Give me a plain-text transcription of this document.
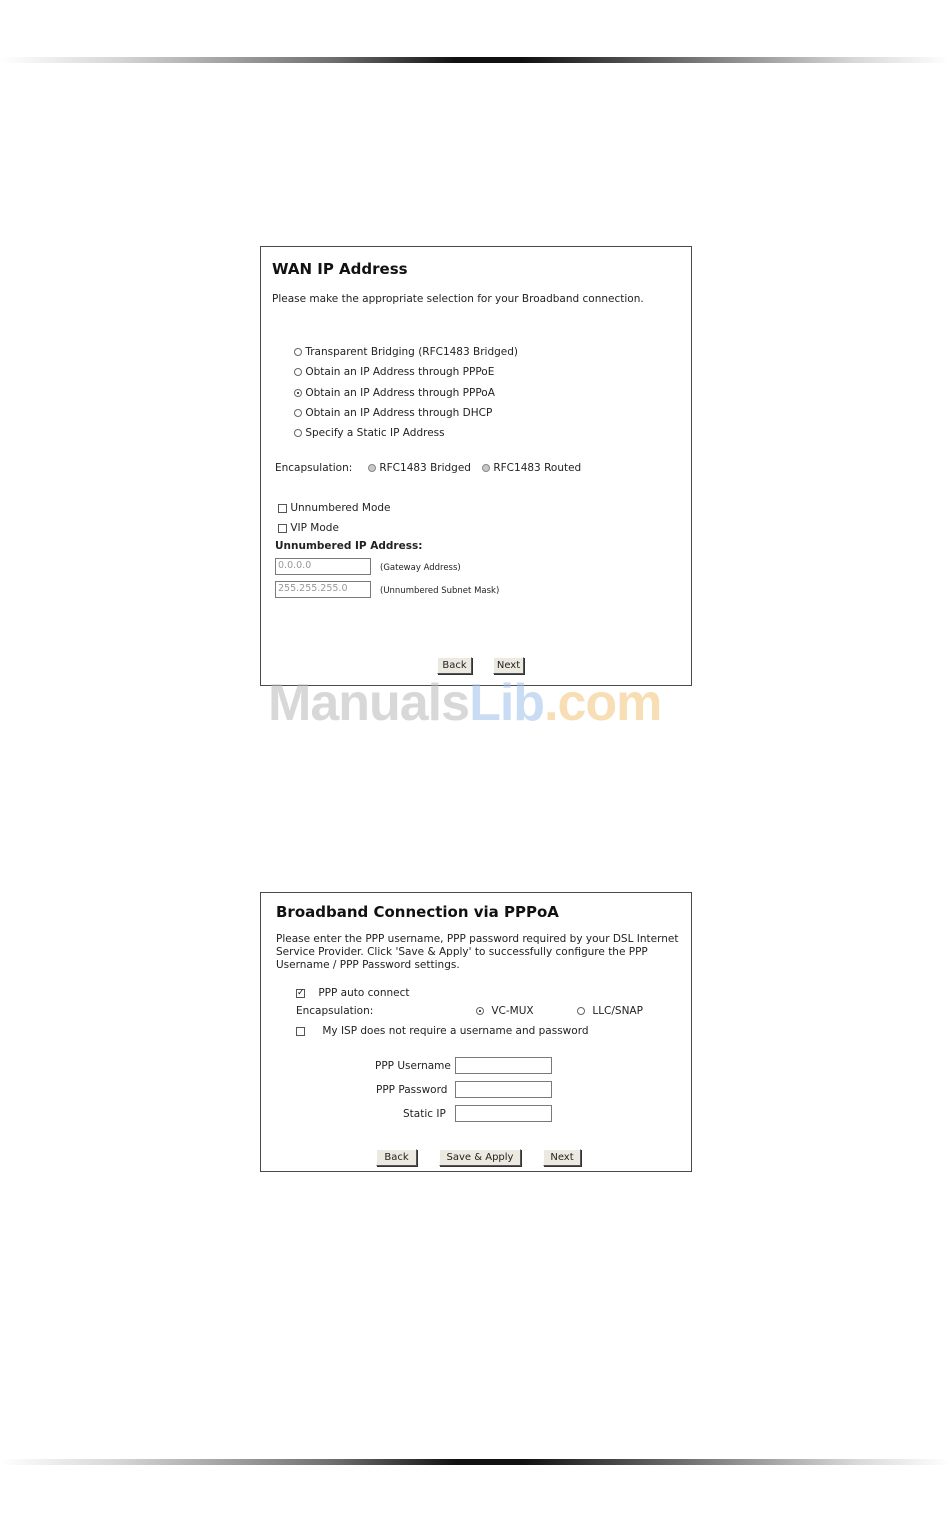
WAN IP Address
Please make the appropriate selection for your Broadband connection.
Transparent Bridging (RFC1483 Bridged)
Obtain an IP Address through PPPoE
Obtain an IP Address through PPPoA
Obtain an IP Address through DHCP
Specify a Static IP Address
Encapsulation:	RFC1483 Bridged	RFC1483 Routed
Unnumbered Mode
VIP Mode
Unnumbered IP Address:
0.0.0.0	(Gateway Address)
255.255.255.0	(Unnumbered Subnet Mask)
Back	Next
ManualsLib.com
Broadband Connection via PPPoA
Please enter the PPP username, PPP password required by your DSL Internet
Service Provider. Click 'Save & Apply' to successfully configure the PPP
Username / PPP Password settings.
✓ PPP auto connect
Encapsulation:	VC-MUX	LLC/SNAP
My ISP does not require a username and password
PPP Username
PPP Password
Static IP
Back	Save & Apply	Next
